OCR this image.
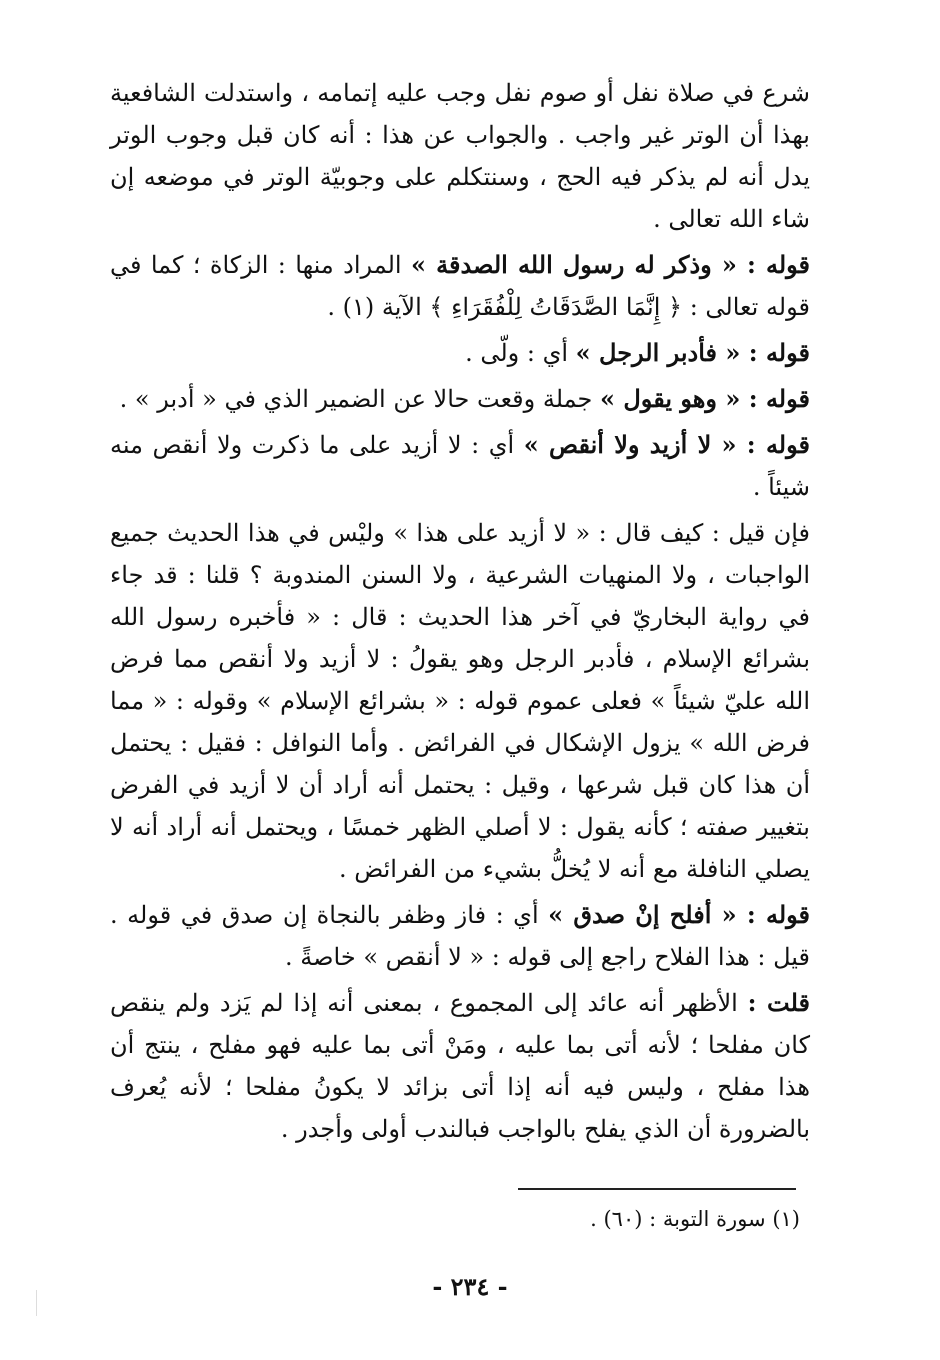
شرع في صلاة نفل أو صوم نفل وجب عليه إتمامه ، واستدلت الشافعية بهذا أن الوتر غير واجب . والجواب عن هذا : أنه كان قبل وجوب الوتر يدل أنه لم يذكر فيه الحج ، وسنتكلم على وجوبيّة الوتر في موضعه إن شاء الله تعالى .

قوله : « وذكر له رسول الله الصدقة » المراد منها : الزكاة ؛ كما في قوله تعالى : ﴿ إِنَّمَا الصَّدَقَاتُ لِلْفُقَرَاءِ ﴾ الآية (١) .

قوله : « فأدبر الرجل » أي : ولّى .

قوله : « وهو يقول » جملة وقعت حالا عن الضمير الذي في « أدبر » .

قوله : « لا أزيد ولا أنقص » أي : لا أزيد على ما ذكرت ولا أنقص منه شيئاً .

فإن قيل : كيف قال : « لا أزيد على هذا » وليْس في هذا الحديث جميع الواجبات ، ولا المنهيات الشرعية ، ولا السنن المندوبة ؟ قلنا : قد جاء في رواية البخاريّ في آخر هذا الحديث : قال : « فأخبره رسول الله بشرائع الإسلام ، فأدبر الرجل وهو يقولُ : لا أزيد ولا أنقص مما فرض الله عليّ شيئاً » فعلى عموم قوله : « بشرائع الإسلام » وقوله : « مما فرض الله » يزول الإشكال في الفرائض . وأما النوافل : فقيل : يحتمل أن هذا كان قبل شرعها ، وقيل : يحتمل أنه أراد أن لا أزيد في الفرض بتغيير صفته ؛ كأنه يقول : لا أصلي الظهر خمسًا ، ويحتمل أنه أراد أنه لا يصلي النافلة مع أنه لا يُخلُّ بشيء من الفرائض .

قوله : « أفلح إنْ صدق » أي : فاز وظفر بالنجاة إن صدق في قوله . قيل : هذا الفلاح راجع إلى قوله : « لا أنقص » خاصةً .

قلت : الأظهر أنه عائد إلى المجموع ، بمعنى أنه إذا لم يَزد ولم ينقص كان مفلحا ؛ لأنه أتى بما عليه ، ومَنْ أتى بما عليه فهو مفلح ، ينتج أن هذا مفلح ، وليس فيه أنه إذا أتى بزائد لا يكونُ مفلحا ؛ لأنه يُعرف بالضرورة أن الذي يفلح بالواجب فبالندب أولى وأجدر .

(١) سورة التوبة : (٦٠) .
- ٢٣٤ -
